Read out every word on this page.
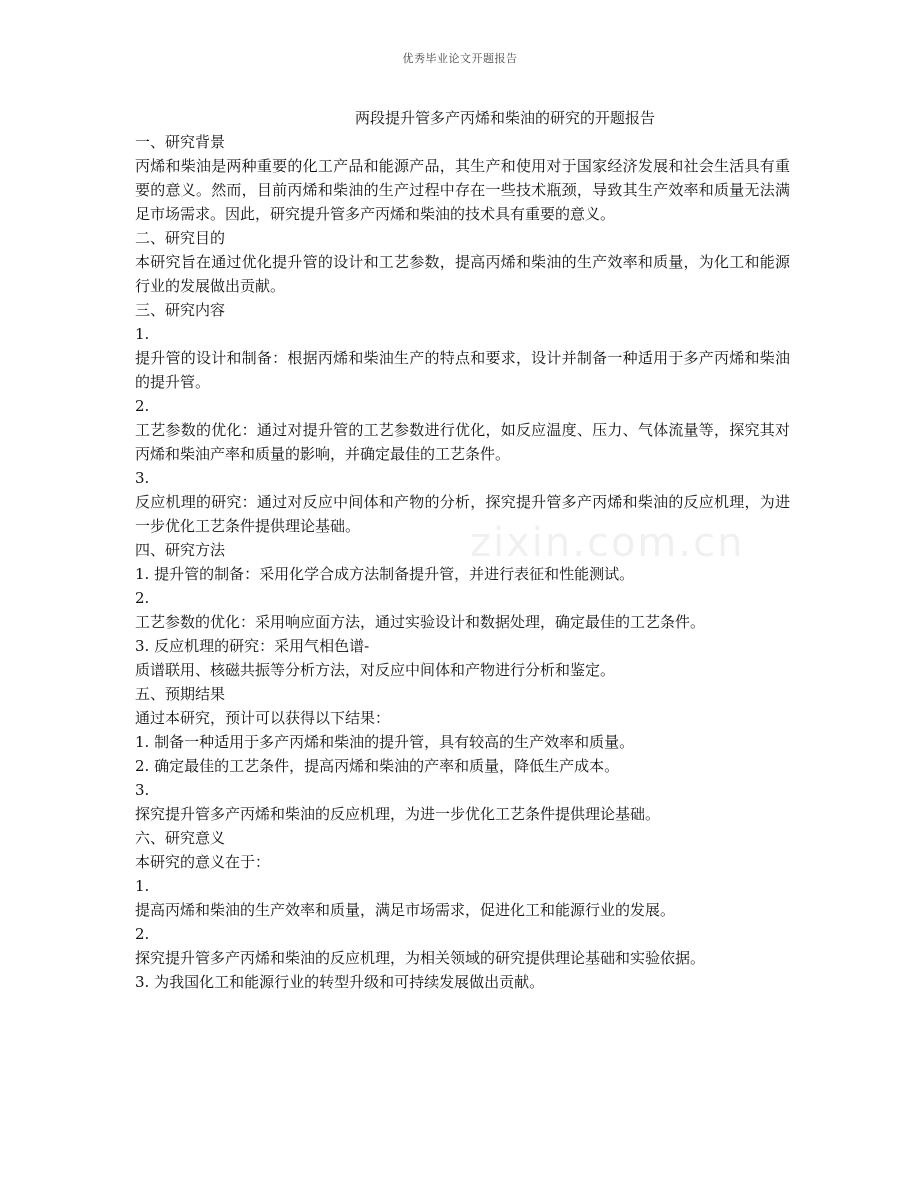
优秀毕业论文开题报告
zixin.com.cn
两段提升管多产丙烯和柴油的研究的开题报告
一、研究背景
丙烯和柴油是两种重要的化工产品和能源产品，其生产和使用对于国家经济发展和社会生活具有重要的意义。然而，目前丙烯和柴油的生产过程中存在一些技术瓶颈，导致其生产效率和质量无法满足市场需求。因此，研究提升管多产丙烯和柴油的技术具有重要的意义。
二、研究目的
本研究旨在通过优化提升管的设计和工艺参数，提高丙烯和柴油的生产效率和质量，为化工和能源行业的发展做出贡献。
三、研究内容
1.
提升管的设计和制备：根据丙烯和柴油生产的特点和要求，设计并制备一种适用于多产丙烯和柴油的提升管。
2.
工艺参数的优化：通过对提升管的工艺参数进行优化，如反应温度、压力、气体流量等，探究其对丙烯和柴油产率和质量的影响，并确定最佳的工艺条件。
3.
反应机理的研究：通过对反应中间体和产物的分析，探究提升管多产丙烯和柴油的反应机理，为进一步优化工艺条件提供理论基础。
四、研究方法
1. 提升管的制备：采用化学合成方法制备提升管，并进行表征和性能测试。
2.
工艺参数的优化：采用响应面方法，通过实验设计和数据处理，确定最佳的工艺条件。
3. 反应机理的研究：采用气相色谱-
质谱联用、核磁共振等分析方法，对反应中间体和产物进行分析和鉴定。
五、预期结果
通过本研究，预计可以获得以下结果：
1. 制备一种适用于多产丙烯和柴油的提升管，具有较高的生产效率和质量。
2. 确定最佳的工艺条件，提高丙烯和柴油的产率和质量，降低生产成本。
3.
探究提升管多产丙烯和柴油的反应机理，为进一步优化工艺条件提供理论基础。
六、研究意义
本研究的意义在于：
1.
提高丙烯和柴油的生产效率和质量，满足市场需求，促进化工和能源行业的发展。
2.
探究提升管多产丙烯和柴油的反应机理，为相关领域的研究提供理论基础和实验依据。
3. 为我国化工和能源行业的转型升级和可持续发展做出贡献。
